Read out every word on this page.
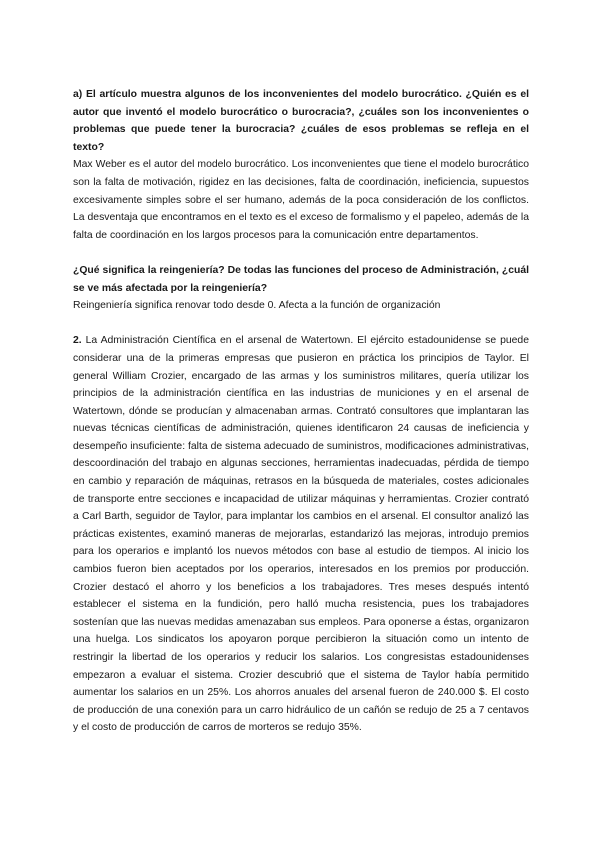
a) El artículo muestra algunos de los inconvenientes del modelo burocrático. ¿Quién es el autor que inventó el modelo burocrático o burocracia?, ¿cuáles son los inconvenientes o problemas que puede tener la burocracia? ¿cuáles de esos problemas se refleja en el texto?

Max Weber es el autor del modelo burocrático. Los inconvenientes que tiene el modelo burocrático son la falta de motivación, rigidez en las decisiones, falta de coordinación, ineficiencia, supuestos excesivamente simples sobre el ser humano, además de la poca consideración de los conflictos. La desventaja que encontramos en el texto es el exceso de formalismo y el papeleo, además de la falta de coordinación en los largos procesos para la comunicación entre departamentos.

¿Qué significa la reingeniería? De todas las funciones del proceso de Administración, ¿cuál se ve más afectada por la reingeniería?

Reingeniería significa renovar todo desde 0. Afecta a la función de organización

2. La Administración Científica en el arsenal de Watertown. El ejército estadounidense se puede considerar una de la primeras empresas que pusieron en práctica los principios de Taylor. El general William Crozier, encargado de las armas y los suministros militares, quería utilizar los principios de la administración científica en las industrias de municiones y en el arsenal de Watertown, dónde se producían y almacenaban armas. Contrató consultores que implantaran las nuevas técnicas científicas de administración, quienes identificaron 24 causas de ineficiencia y desempeño insuficiente: falta de sistema adecuado de suministros, modificaciones administrativas, descoordinación del trabajo en algunas secciones, herramientas inadecuadas, pérdida de tiempo en cambio y reparación de máquinas, retrasos en la búsqueda de materiales, costes adicionales de transporte entre secciones e incapacidad de utilizar máquinas y herramientas. Crozier contrató a Carl Barth, seguidor de Taylor, para implantar los cambios en el arsenal. El consultor analizó las prácticas existentes, examinó maneras de mejorarlas, estandarizó las mejoras, introdujo premios para los operarios e implantó los nuevos métodos con base al estudio de tiempos. Al inicio los cambios fueron bien aceptados por los operarios, interesados en los premios por producción. Crozier destacó el ahorro y los beneficios a los trabajadores. Tres meses después intentó establecer el sistema en la fundición, pero halló mucha resistencia, pues los trabajadores sostenían que las nuevas medidas amenazaban sus empleos. Para oponerse a éstas, organizaron una huelga. Los sindicatos los apoyaron porque percibieron la situación como un intento de restringir la libertad de los operarios y reducir los salarios. Los congresistas estadounidenses empezaron a evaluar el sistema. Crozier descubrió que el sistema de Taylor había permitido aumentar los salarios en un 25%. Los ahorros anuales del arsenal fueron de 240.000 $. El costo de producción de una conexión para un carro hidráulico de un cañón se redujo de 25 a 7 centavos y el costo de producción de carros de morteros se redujo 35%.
